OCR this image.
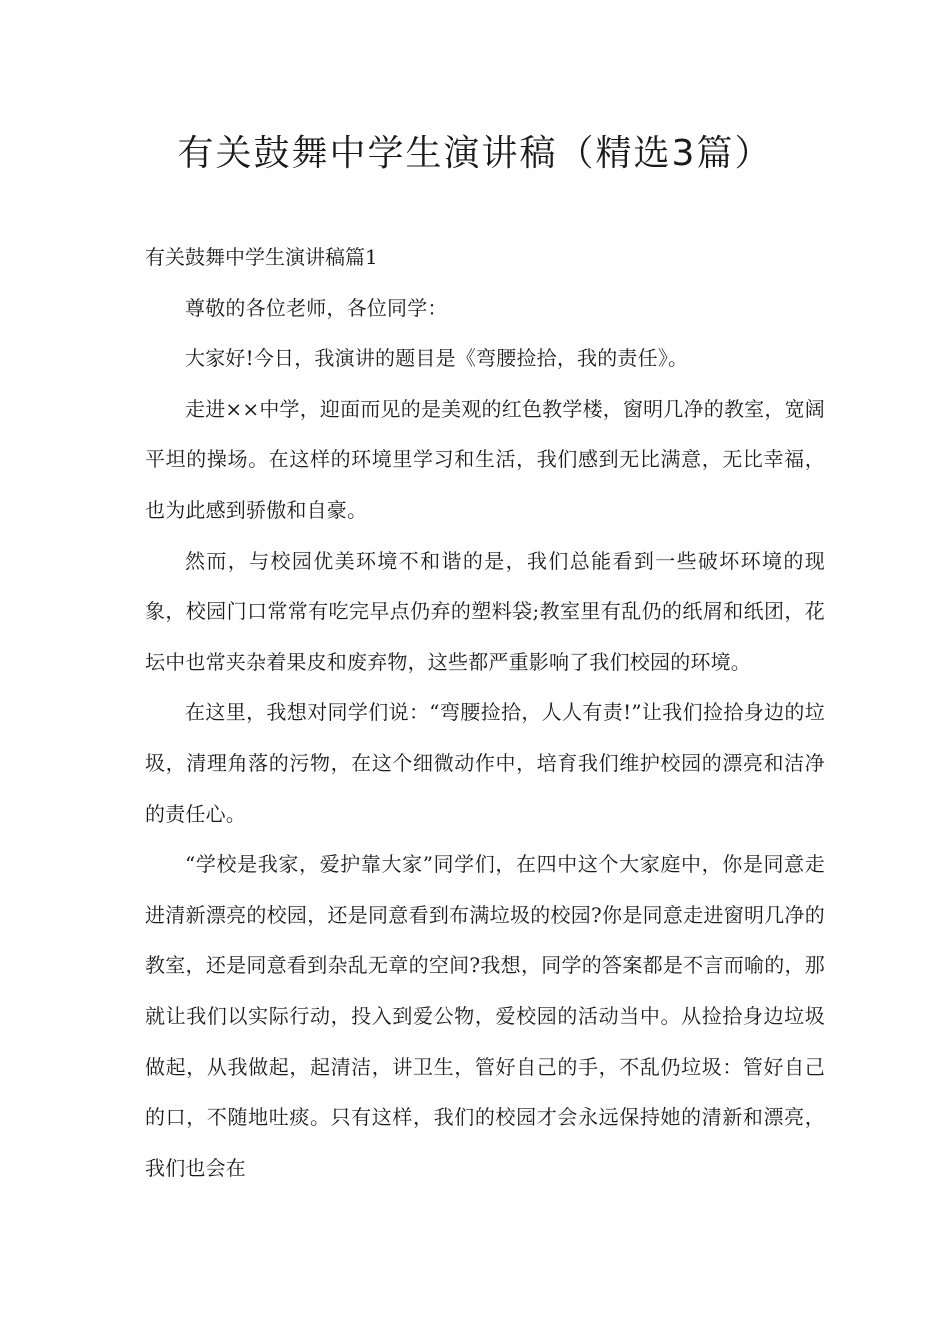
有关鼓舞中学生演讲稿（精选3篇）

有关鼓舞中学生演讲稿篇1

尊敬的各位老师，各位同学：

大家好!今日，我演讲的题目是《弯腰捡拾，我的责任》。

走进××中学，迎面而见的是美观的红色教学楼，窗明几净的教室，宽阔平坦的操场。在这样的环境里学习和生活，我们感到无比满意，无比幸福，也为此感到骄傲和自豪。

然而，与校园优美环境不和谐的是，我们总能看到一些破坏环境的现象，校园门口常常有吃完早点仍弃的塑料袋;教室里有乱仍的纸屑和纸团，花坛中也常夹杂着果皮和废弃物，这些都严重影响了我们校园的环境。

在这里，我想对同学们说：“弯腰捡拾，人人有责!”让我们捡拾身边的垃圾，清理角落的污物，在这个细微动作中，培育我们维护校园的漂亮和洁净的责任心。

“学校是我家，爱护靠大家”同学们，在四中这个大家庭中，你是同意走进清新漂亮的校园，还是同意看到布满垃圾的校园?你是同意走进窗明几净的教室，还是同意看到杂乱无章的空间?我想，同学的答案都是不言而喻的，那就让我们以实际行动，投入到爱公物，爱校园的活动当中。从捡拾身边垃圾做起，从我做起，起清洁，讲卫生，管好自己的手，不乱仍垃圾：管好自己的口，不随地吐痰。只有这样，我们的校园才会永远保持她的清新和漂亮，我们也会在
